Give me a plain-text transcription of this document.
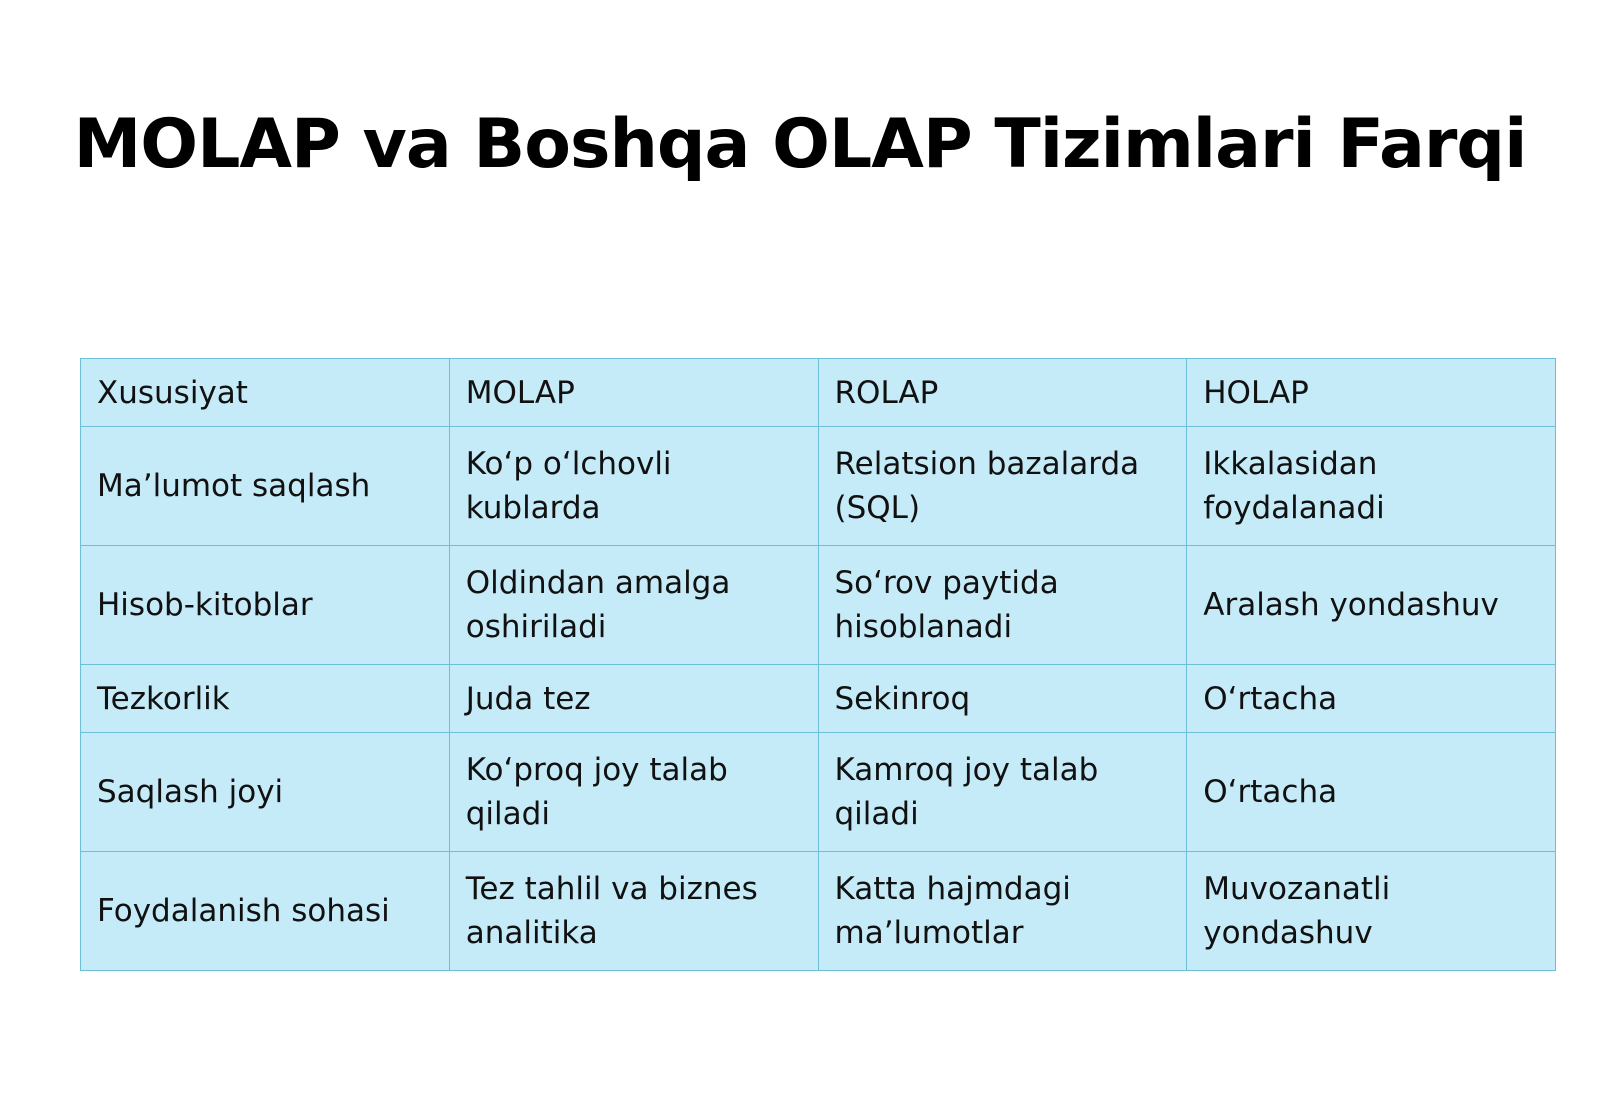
MOLAP va Boshqa OLAP Tizimlari Farqi
Xususiyat	MOLAP	ROLAP	HOLAP
Ma’lumot saqlash	Koʻp oʻlchovli kublarda	Relatsion bazalarda (SQL)	Ikkalasidan foydalanadi
Hisob-kitoblar	Oldindan amalga oshiriladi	Soʻrov paytida hisoblanadi	Aralash yondashuv
Tezkorlik	Juda tez	Sekinroq	Oʻrtacha
Saqlash joyi	Koʻproq joy talab qiladi	Kamroq joy talab qiladi	Oʻrtacha
Foydalanish sohasi	Tez tahlil va biznes analitika	Katta hajmdagi ma’lumotlar	Muvozanatli yondashuv
